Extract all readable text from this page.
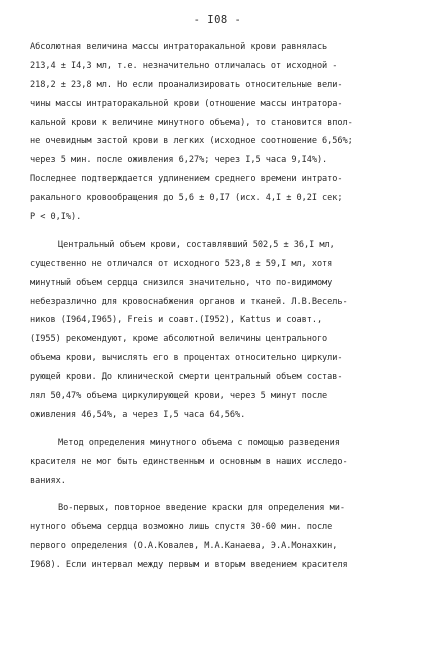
- I08 -
Абсолютная величина массы интраторакальной крови равнялась
213,4 ± I4,3 мл, т.е. незначительно отличалась от исходной -
218,2 ± 23,8 мл. Но если проанализировать относительные вели-
чины массы интраторакальной крови (отношение массы интратора-
кальной крови к величине минутного объема), то становится впол-
не очевидным застой крови в легких (исходное соотношение 6,56%;
через 5 мин. после оживления 6,27%; через I,5 часа 9,I4%).
Последнее подтверждается удлинением среднего времени интрато-
ракального кровообращения до 5,6 ± 0,I7 (исх. 4,I ± 0,2I сек;
P < 0,I%).
Центральный объем крови, составлявший 502,5 ± 36,I мл,
существенно не отличался от исходного 523,8 ± 59,I мл, хотя
минутный объем сердца снизился значительно, что по-видимому
небезразлично для кровоснабжения органов и тканей. Л.В.Весель-
ников (I964,I965), Freis и соавт.(I952), Kattus и соавт.,
(I955) рекомендуют, кроме абсолютной величины центрального
объема крови, вычислять его в процентах относительно циркули-
рующей крови. До клинической смерти центральный объем состав-
лял 50,47% объема циркулирующей крови, через 5 минут после
оживления 46,54%, а через I,5 часа 64,56%.
Метод определения минутного объема с помощью разведения
красителя не мог быть единственным и основным в наших исследо-
ваниях.
Во-первых, повторное введение краски для определения ми-
нутного объема сердца возможно лишь спустя 30-60 мин. после
первого определения (О.А.Ковалев, М.А.Канаева, Э.А.Монахкин,
I968). Если интервал между первым и вторым введением красителя
